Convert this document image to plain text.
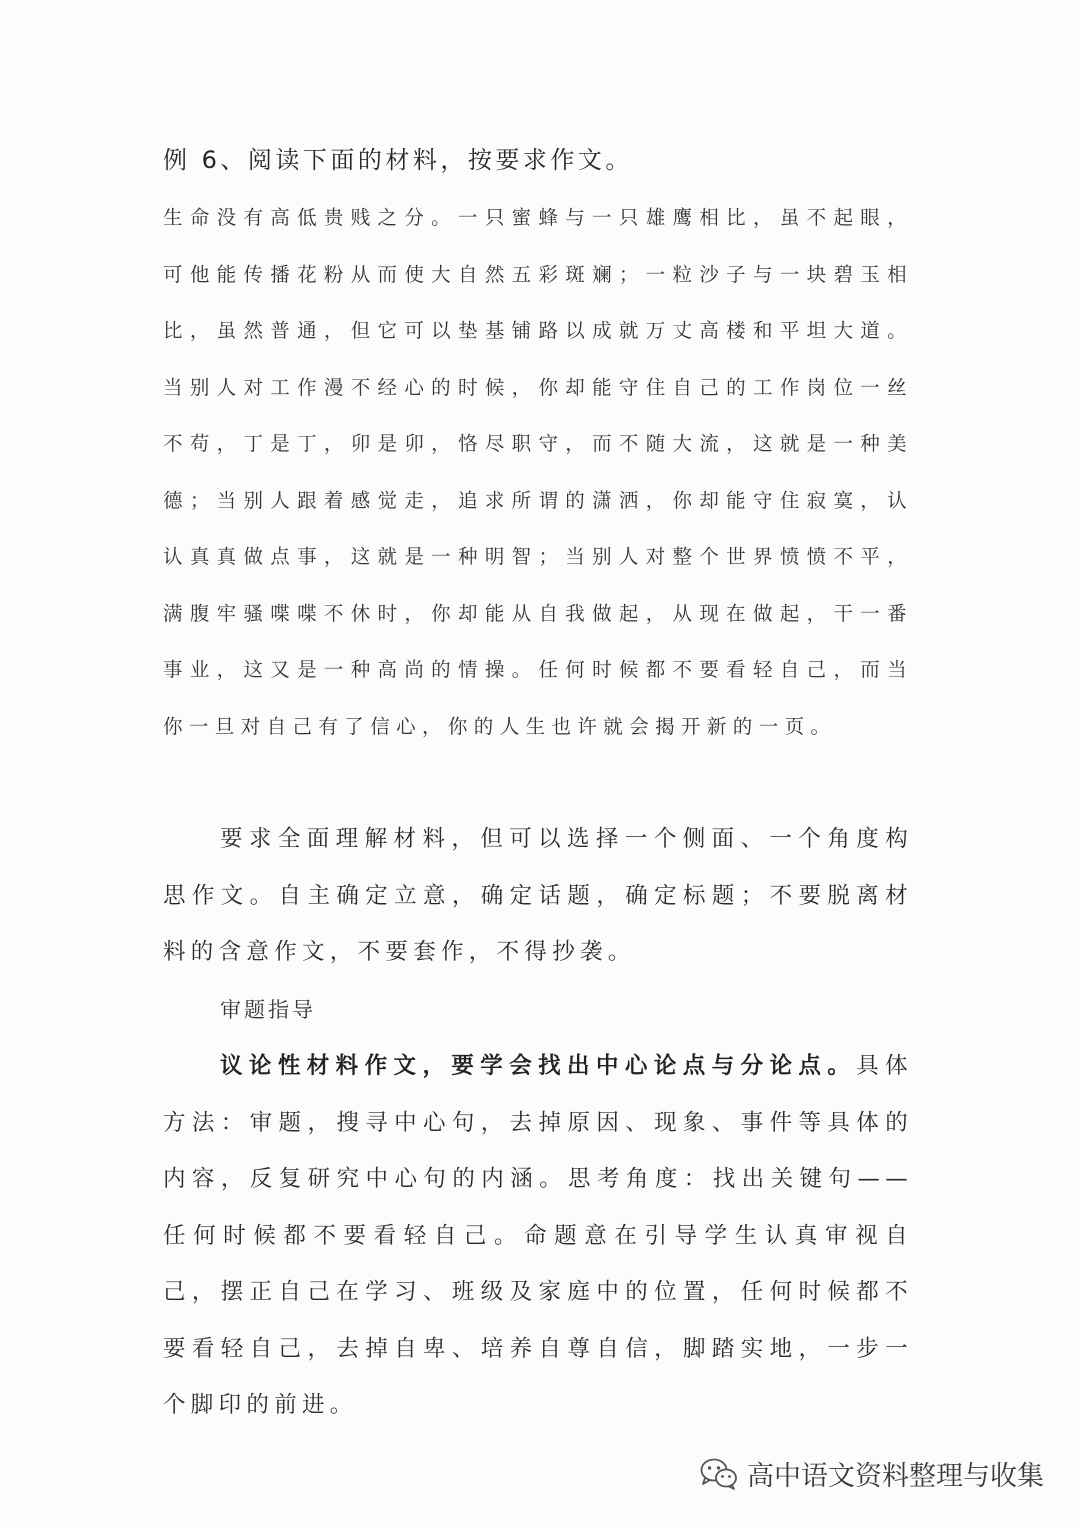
例 6、阅读下面的材料，按要求作文。
生命没有高低贵贱之分。一只蜜蜂与一只雄鹰相比，虽不起眼，可他能传播花粉从而使大自然五彩斑斓；一粒沙子与一块碧玉相比，虽然普通，但它可以垫基铺路以成就万丈高楼和平坦大道。当别人对工作漫不经心的时候，你却能守住自己的工作岗位一丝不苟，丁是丁，卯是卯，恪尽职守，而不随大流，这就是一种美德；当别人跟着感觉走，追求所谓的潇洒，你却能守住寂寞，认认真真做点事，这就是一种明智；当别人对整个世界愤愤不平，满腹牢骚喋喋不休时，你却能从自我做起，从现在做起，干一番事业，这又是一种高尚的情操。任何时候都不要看轻自己，而当你一旦对自己有了信心，你的人生也许就会揭开新的一页。
要求全面理解材料，但可以选择一个侧面、一个角度构思作文。自主确定立意，确定话题，确定标题；不要脱离材料的含意作文，不要套作，不得抄袭。
审题指导
议论性材料作文，要学会找出中心论点与分论点。具体方法：审题，搜寻中心句，去掉原因、现象、事件等具体的内容，反复研究中心句的内涵。思考角度：找出关键句——任何时候都不要看轻自己。命题意在引导学生认真审视自己，摆正自己在学习、班级及家庭中的位置，任何时候都不要看轻自己，去掉自卑、培养自尊自信，脚踏实地，一步一个脚印的前进。
高中语文资料整理与收集
